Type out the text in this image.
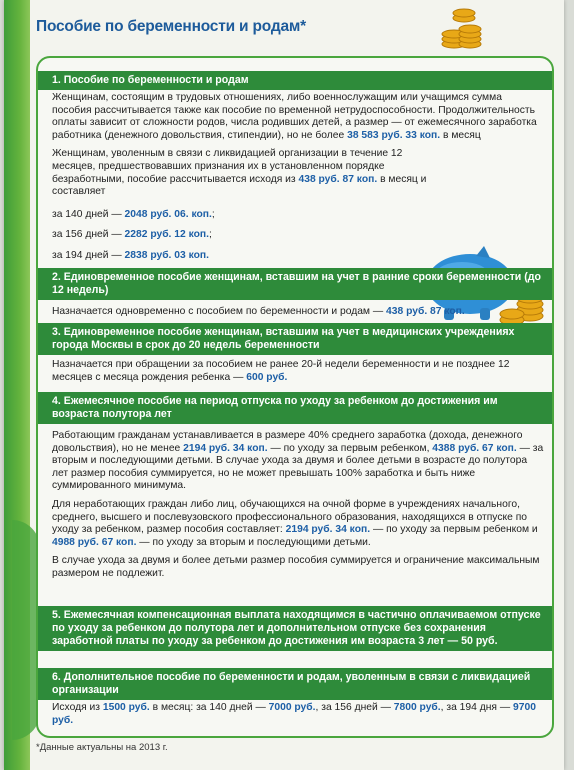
Пособие по беременности и родам*
1. Пособие по беременности и родам

Женщинам, состоящим в трудовых отношениях, либо военнослужащим или учащимся сумма пособия рассчитывается также как пособие по временной нетрудоспособности. Продолжительность оплаты зависит от сложности родов, числа родивших детей, а размер — от ежемесячного заработка работника (денежного довольствия, стипендии), но не более 38 583 руб. 33 коп. в месяц

Женщинам, уволенным в связи с ликвидацией организации в течение 12 месяцев, предшествовавших признания их в установленном порядке безработными, пособие рассчитывается исходя из 438 руб. 87 коп. в месяц и составляет

за 140 дней — 2048 руб. 06. коп.;

за 156 дней — 2282 руб. 12 коп.;

за 194 дней — 2838 руб. 03 коп.

2. Единовременное пособие женщинам, вставшим на учет в ранние сроки беременности (до 12 недель)

Назначается одновременно с пособием по беременности и родам — 438 руб. 87 коп.

3. Единовременное пособие женщинам, вставшим на учет в медицинских учреждениях города Москвы в срок до 20 недель беременности

Назначается при обращении за пособием не ранее 20-й недели беременности и не позднее 12 месяцев с месяца рождения ребенка — 600 руб.

4. Ежемесячное пособие на период отпуска по уходу за ребенком до достижения им возраста полутора лет

Работающим гражданам устанавливается в размере 40% среднего заработка (дохода, денежного довольствия), но не менее 2194 руб. 34 коп. — по уходу за первым ребенком, 4388 руб. 67 коп. — за вторым и последующими детьми. В случае ухода за двумя и более детьми в возрасте до полутора лет размер пособия суммируется, но не может превышать 100% заработка и быть ниже суммированного минимума.

Для неработающих граждан либо лиц, обучающихся на очной форме в учреждениях начального, среднего, высшего и послевузовского профессионального образования, находящихся в отпуске по уходу за ребенком, размер пособия составляет: 2194 руб. 34 коп. — по уходу за первым ребенком и 4988 руб. 67 коп. — по уходу за вторым и последующими детьми.

В случае ухода за двумя и более детьми размер пособия суммируется и ограничение максимальным размером не подлежит.

5. Ежемесячная компенсационная выплата находящимся в частично оплачиваемом отпуске по уходу за ребенком до полутора лет и дополнительном отпуске без сохранения заработной платы по уходу за ребенком до достижения им возраста 3 лет — 50 руб.
6. Дополнительное пособие по беременности и родам, уволенным в связи с ликвидацией организации

Исходя из 1500 руб. в месяц: за 140 дней — 7000 руб., за 156 дней — 7800 руб., за 194 дня — 9700 руб.

*Данные актуальны на 2013 г.
